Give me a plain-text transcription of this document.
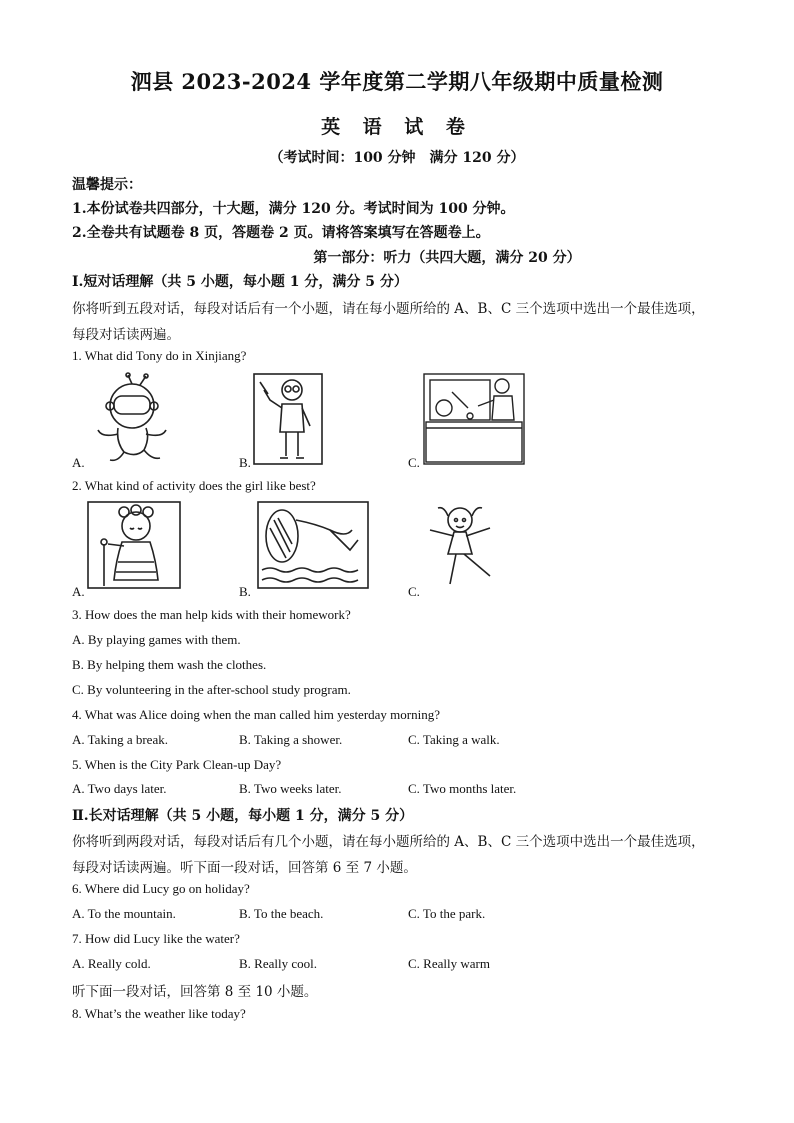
泗县 2023-2024 学年度第二学期八年级期中质量检测
英 语 试 卷
（考试时间：100 分钟　满分 120 分）
温馨提示：
1.本份试卷共四部分，十大题，满分 120 分。考试时间为 100 分钟。
2.全卷共有试题卷 8 页，答题卷 2 页。请将答案填写在答题卷上。
第一部分：听力（共四大题，满分 20 分）
Ⅰ.短对话理解（共 5 小题，每小题 1 分，满分 5 分）
你将听到五段对话，每段对话后有一个小题，请在每小题所给的 A、B、C 三个选项中选出一个最佳选项，
每段对话读两遍。
1. What did Tony do in Xinjiang?
A.	B.	C.
2. What kind of activity does the girl like best?
A.	B.	C.
3. How does the man help kids with their homework?
A. By playing games with them.
B. By helping them wash the clothes.
C. By volunteering in the after-school study program.
4. What was Alice doing when the man called him yesterday morning?
A. Taking a break.	B. Taking a shower.	C. Taking a walk.
5. When is the City Park Clean-up Day?
A. Two days later.	B. Two weeks later.	C. Two months later.
Ⅱ.长对话理解（共 5 小题，每小题 1 分，满分 5 分）
你将听到两段对话，每段对话后有几个小题，请在每小题所给的 A、B、C 三个选项中选出一个最佳选项，
每段对话读两遍。听下面一段对话，回答第 6 至 7 小题。
6. Where did Lucy go on holiday?
A. To the mountain.	B. To the beach.	C. To the park.
7. How did Lucy like the water?
A. Really cold.	B. Really cool.	C. Really warm
听下面一段对话，回答第 8 至 10 小题。
8. What’s the weather like today?
